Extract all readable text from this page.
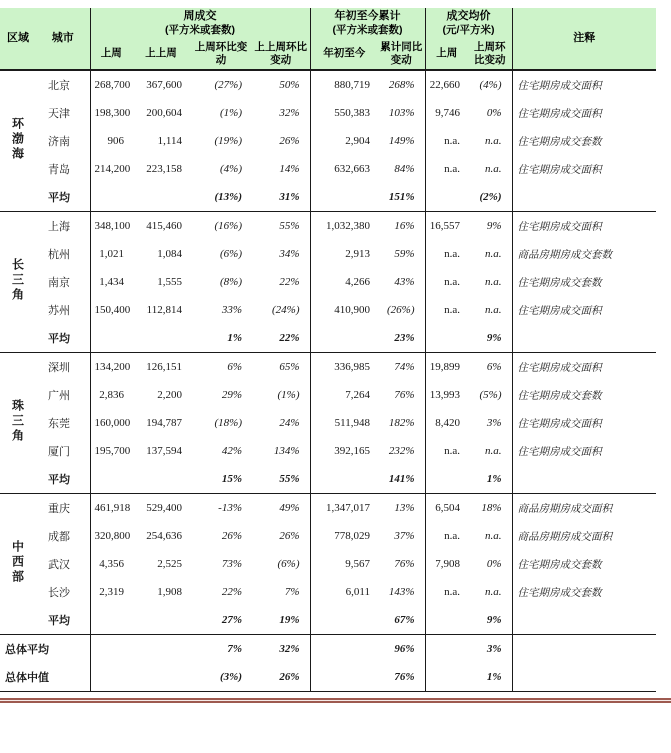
区域	城市	
周成交
(平方米或套数)

年初至今累计
(平方米或套数)

成交均价
(元/平方米)
	注释
		上周	上上周	上周环比变动	上上周环比变动	年初至今	累计同比变动	上周	上周环比变动	
环渤海	北京	268,700	367,600	(27%)	50%	880,719	268%	22,660	(4%)	住宅期房成交面积
	天津	198,300	200,604	(1%)	32%	550,383	103%	9,746	0%	住宅期房成交面积
	济南	906	1,114	(19%)	26%	2,904	149%	n.a.	n.a.	住宅期房成交套数
	青岛	214,200	223,158	(4%)	14%	632,663	84%	n.a.	n.a.	住宅期房成交面积
	平均			(13%)	31%		151%		(2%)	
长三角	上海	348,100	415,460	(16%)	55%	1,032,380	16%	16,557	9%	住宅期房成交面积
	杭州	1,021	1,084	(6%)	34%	2,913	59%	n.a.	n.a.	商品房期房成交套数
	南京	1,434	1,555	(8%)	22%	4,266	43%	n.a.	n.a.	住宅期房成交套数
	苏州	150,400	112,814	33%	(24%)	410,900	(26%)	n.a.	n.a.	住宅期房成交面积
	平均			1%	22%		23%		9%	
珠三角	深圳	134,200	126,151	6%	65%	336,985	74%	19,899	6%	住宅期房成交面积
	广州	2,836	2,200	29%	(1%)	7,264	76%	13,993	(5%)	住宅期房成交套数
	东莞	160,000	194,787	(18%)	24%	511,948	182%	8,420	3%	住宅期房成交面积
	厦门	195,700	137,594	42%	134%	392,165	232%	n.a.	n.a.	住宅期房成交面积
	平均			15%	55%		141%		1%	
中西部	重庆	461,918	529,400	-13%	49%	1,347,017	13%	6,504	18%	商品房期房成交面积
	成都	320,800	254,636	26%	26%	778,029	37%	n.a.	n.a.	商品房期房成交面积
	武汉	4,356	2,525	73%	(6%)	9,567	76%	7,908	0%	住宅期房成交套数
	长沙	2,319	1,908	22%	7%	6,011	143%	n.a.	n.a.	住宅期房成交套数
	平均			27%	19%		67%		9%	
总体平均				7%	32%		96%		3%	
总体中值				(3%)	26%		76%		1%	
